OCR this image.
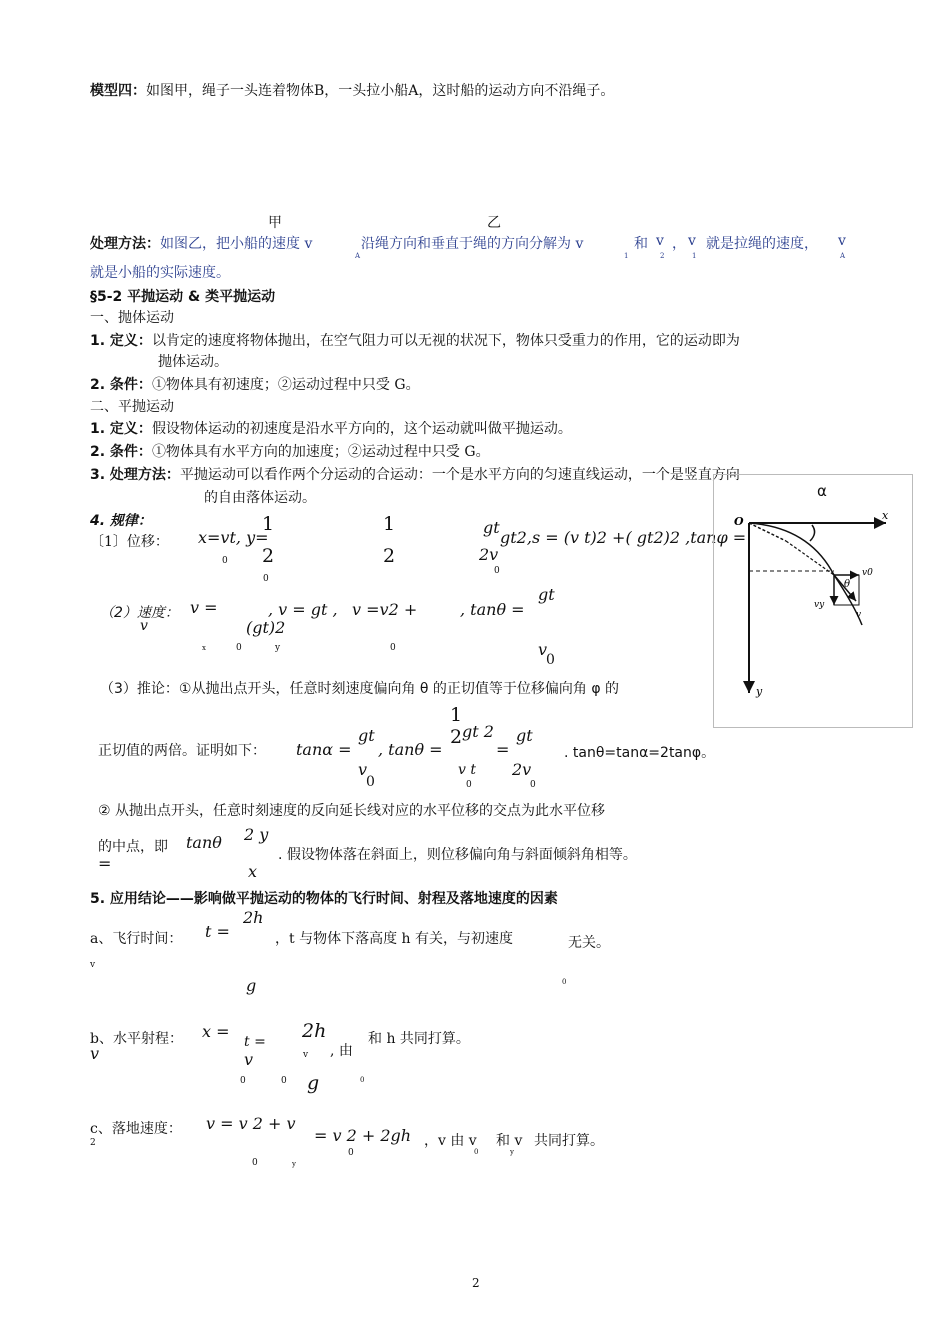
模型四：如图甲，绳子一头连着物体B，一头拉小船A，这时船的运动方向不沿绳子。
甲	乙
处理方法：如图乙，把小船的速度 v
A
沿绳方向和垂直于绳的方向分解为 v
1
和 v
2
， v
1
就是拉绳的速度， v
A
就是小船的实际速度。
§5-2 平抛运动 & 类平抛运动
一、抛体运动
1. 定义：以肯定的速度将物体抛出，在空气阻力可以无视的状况下，物体只受重力的作用，它的运动即为
抛体运动。
2. 条件：①物体具有初速度；②运动过程中只受 G。
二、平抛运动
1. 定义：假设物体运动的初速度是沿水平方向的，这个运动就叫做平抛运动。
2. 条件：①物体具有水平方向的加速度；②运动过程中只受 G。
3. 处理方法：平抛运动可以看作两个分运动的合运动：一个是水平方向的匀速直线运动，一个是竖直方向
的自由落体运动。	α
4. 规律：
〔1〕位移： x=vt, y=
0
1
2
0
1
2
gt
2v
0
gt2,s = (v t)2 +( gt2)2 ,tanφ =
（2）速度：
v
v =
x	0
, v = gt ,
y
v =v2 +
(gt)2
0
, tanθ =
gt
v
0
（3）推论：①从抛出点开头，任意时刻速度偏向角 θ 的正切值等于位移偏向角 φ 的
正切值的两倍。证明如下： tanα =
gt
v
0
, tanθ =
1
2 gt 2
v t
0
=
gt
2v
0
. tanθ=tanα=2tanφ。
② 从抛出点开头，任意时刻速度的反向延长线对应的水平位移的交点为此水平位移
的中点，即 tanθ
=
2 y
x
. 假设物体落在斜面上，则位移偏向角与斜面倾斜角相等。
5. 应用结论——影响做平抛运动的物体的飞行时间、射程及落地速度的因素
a、飞行时间： t =
2h
g
，t 与物体下落高度 h 有关，与初速度
v
0
无关。
b、水平射程：
v
x =
t =
v
0	0
2h
g
v
0
, 由
和 h 共同打算。
c、落地速度：
2
v = v 2 + v
0	y
= v 2 + 2gh
0
，v 由 v
0
和 v
y
共同打算。
O	x
y
θ
v0
vy
v
2
